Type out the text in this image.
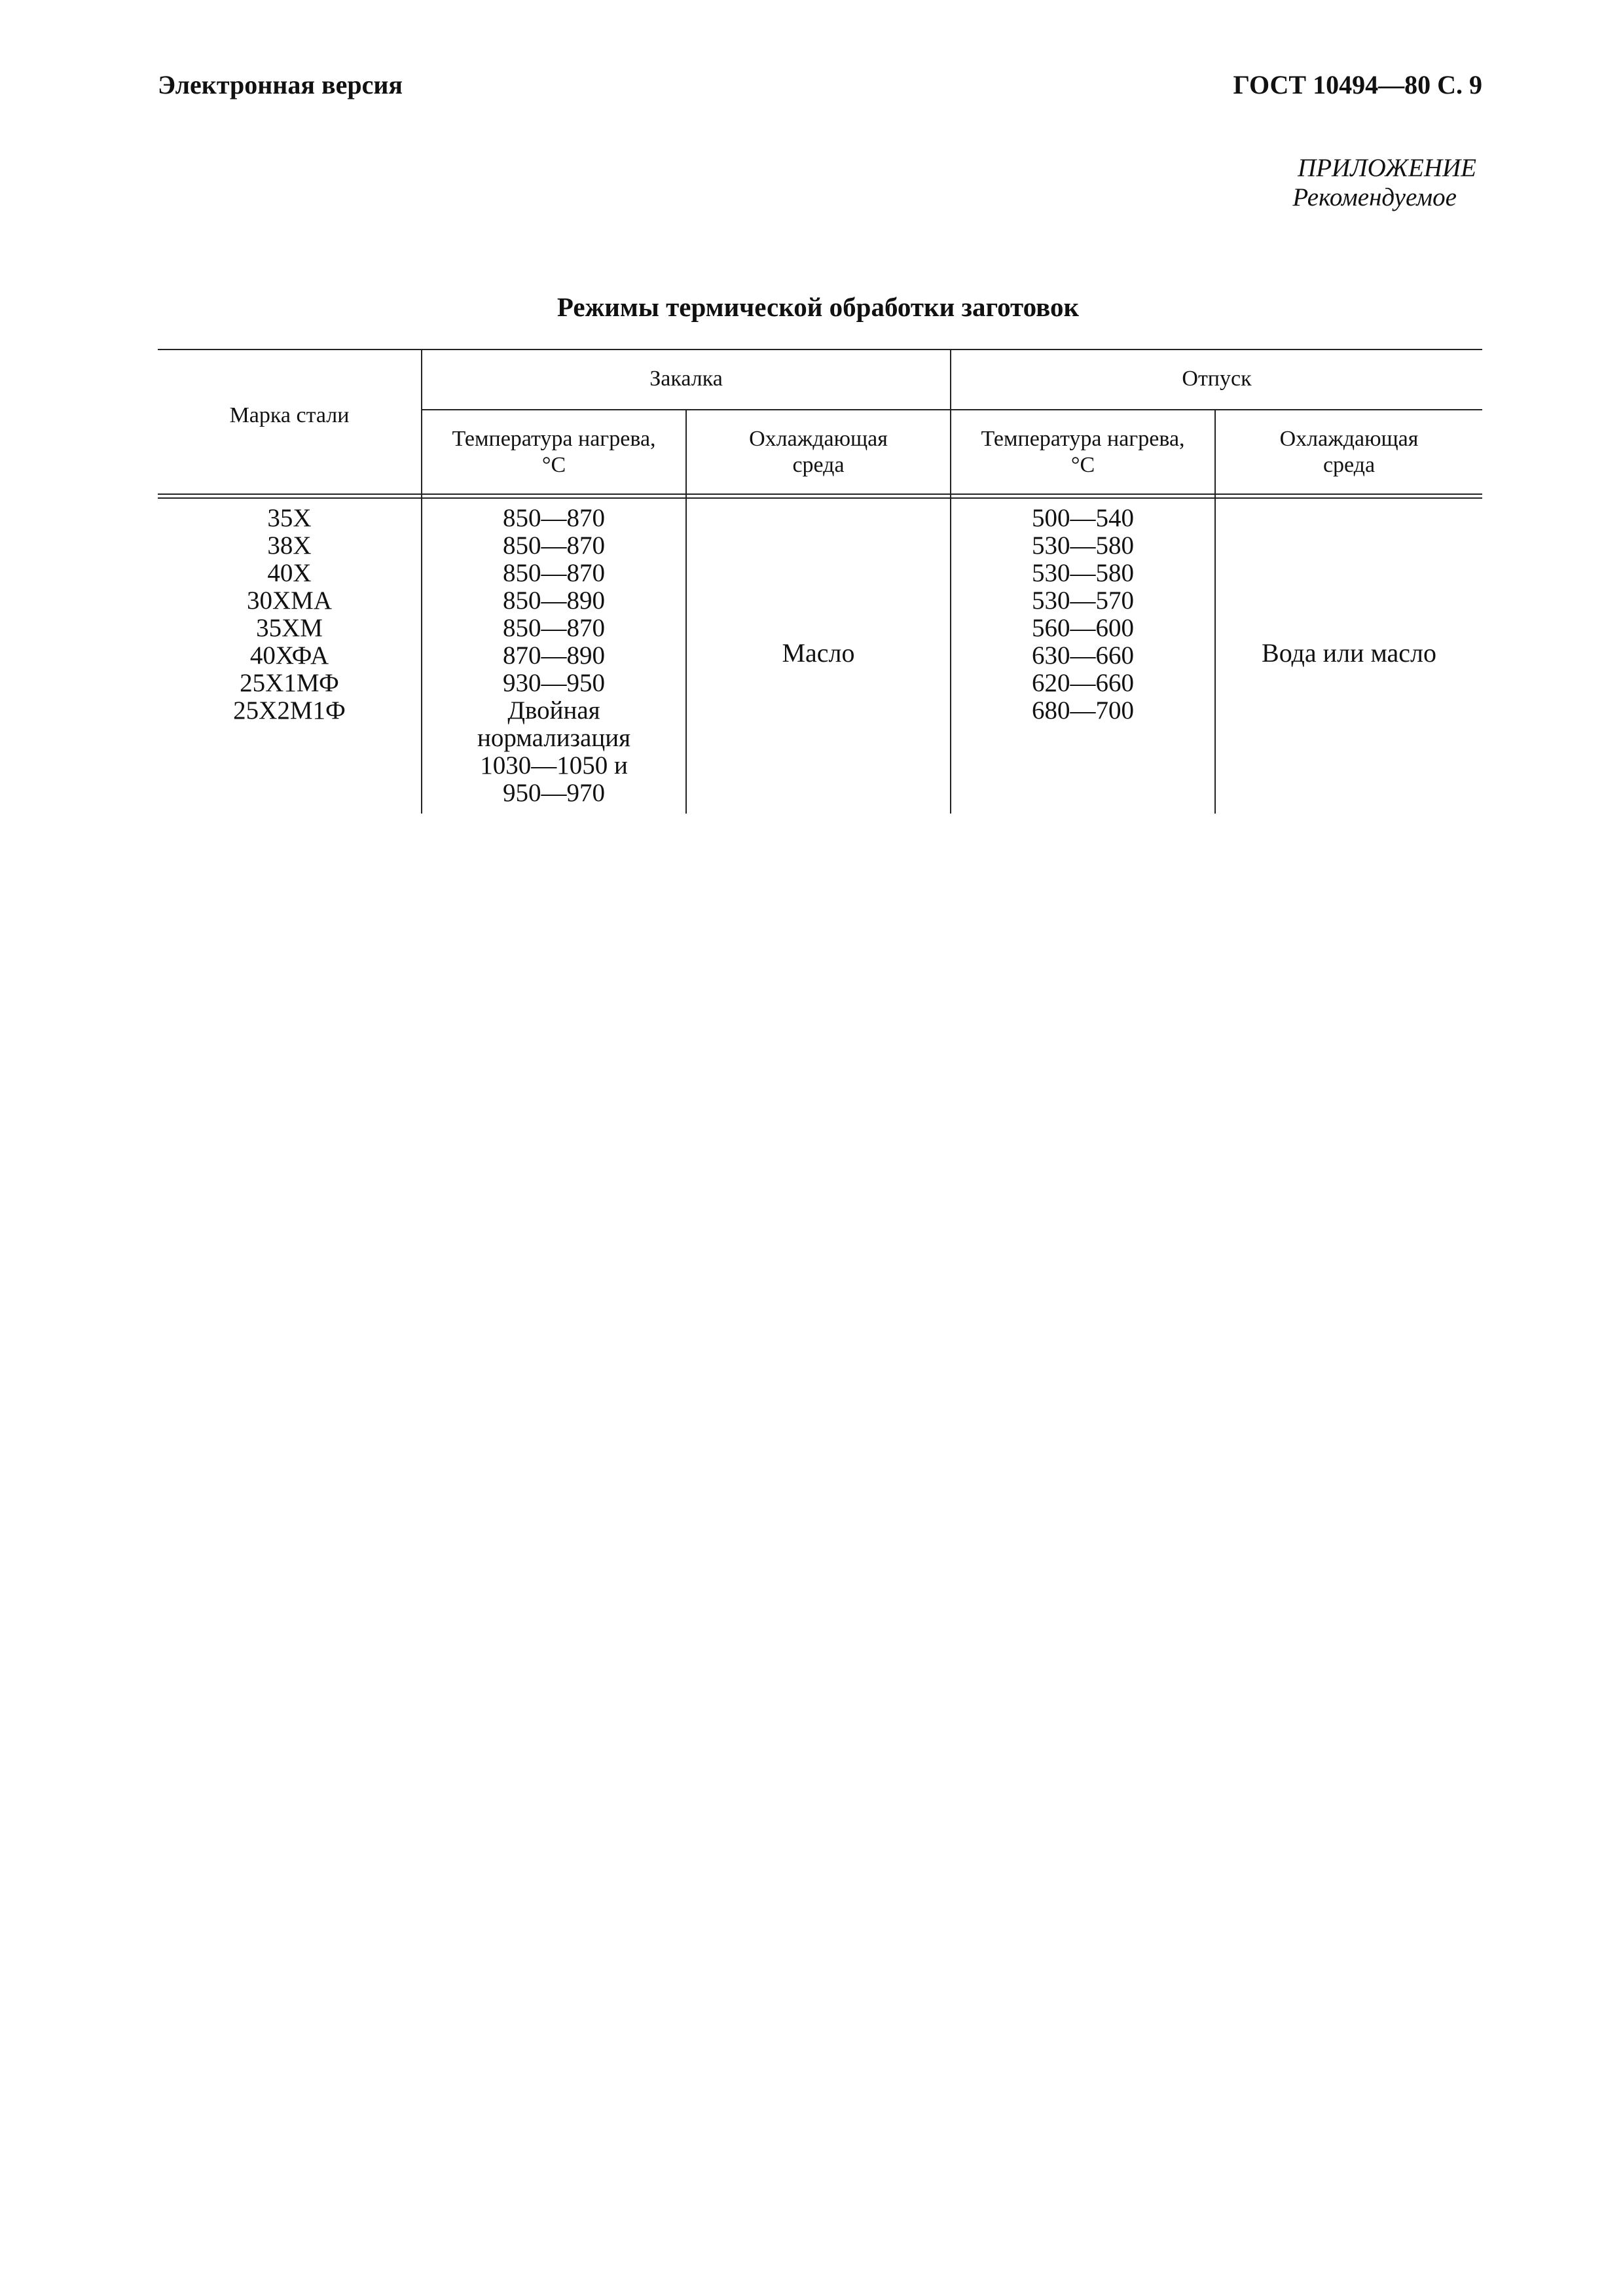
Электронная версия	ГОСТ 10494—80 С. 9
ПРИЛОЖЕНИЕ

Рекомендуемое
Режимы термической обработки заготовок
Марка стали
Закалка	Отпуск
Температура нагрева,
°C
Охлаждающая
среда
Температура нагрева,
°C
Охлаждающая
среда
35Х
38Х
40Х
30ХМА
35ХМ
40ХФА
25Х1МФ
25Х2М1Ф
850—870
850—870
850—870
850—890
850—870
870—890
930—950
Двойная
нормализация
1030—1050 и
950—970
Масло
500—540
530—580
530—580
530—570
560—600
630—660
620—660
680—700
Вода или масло
